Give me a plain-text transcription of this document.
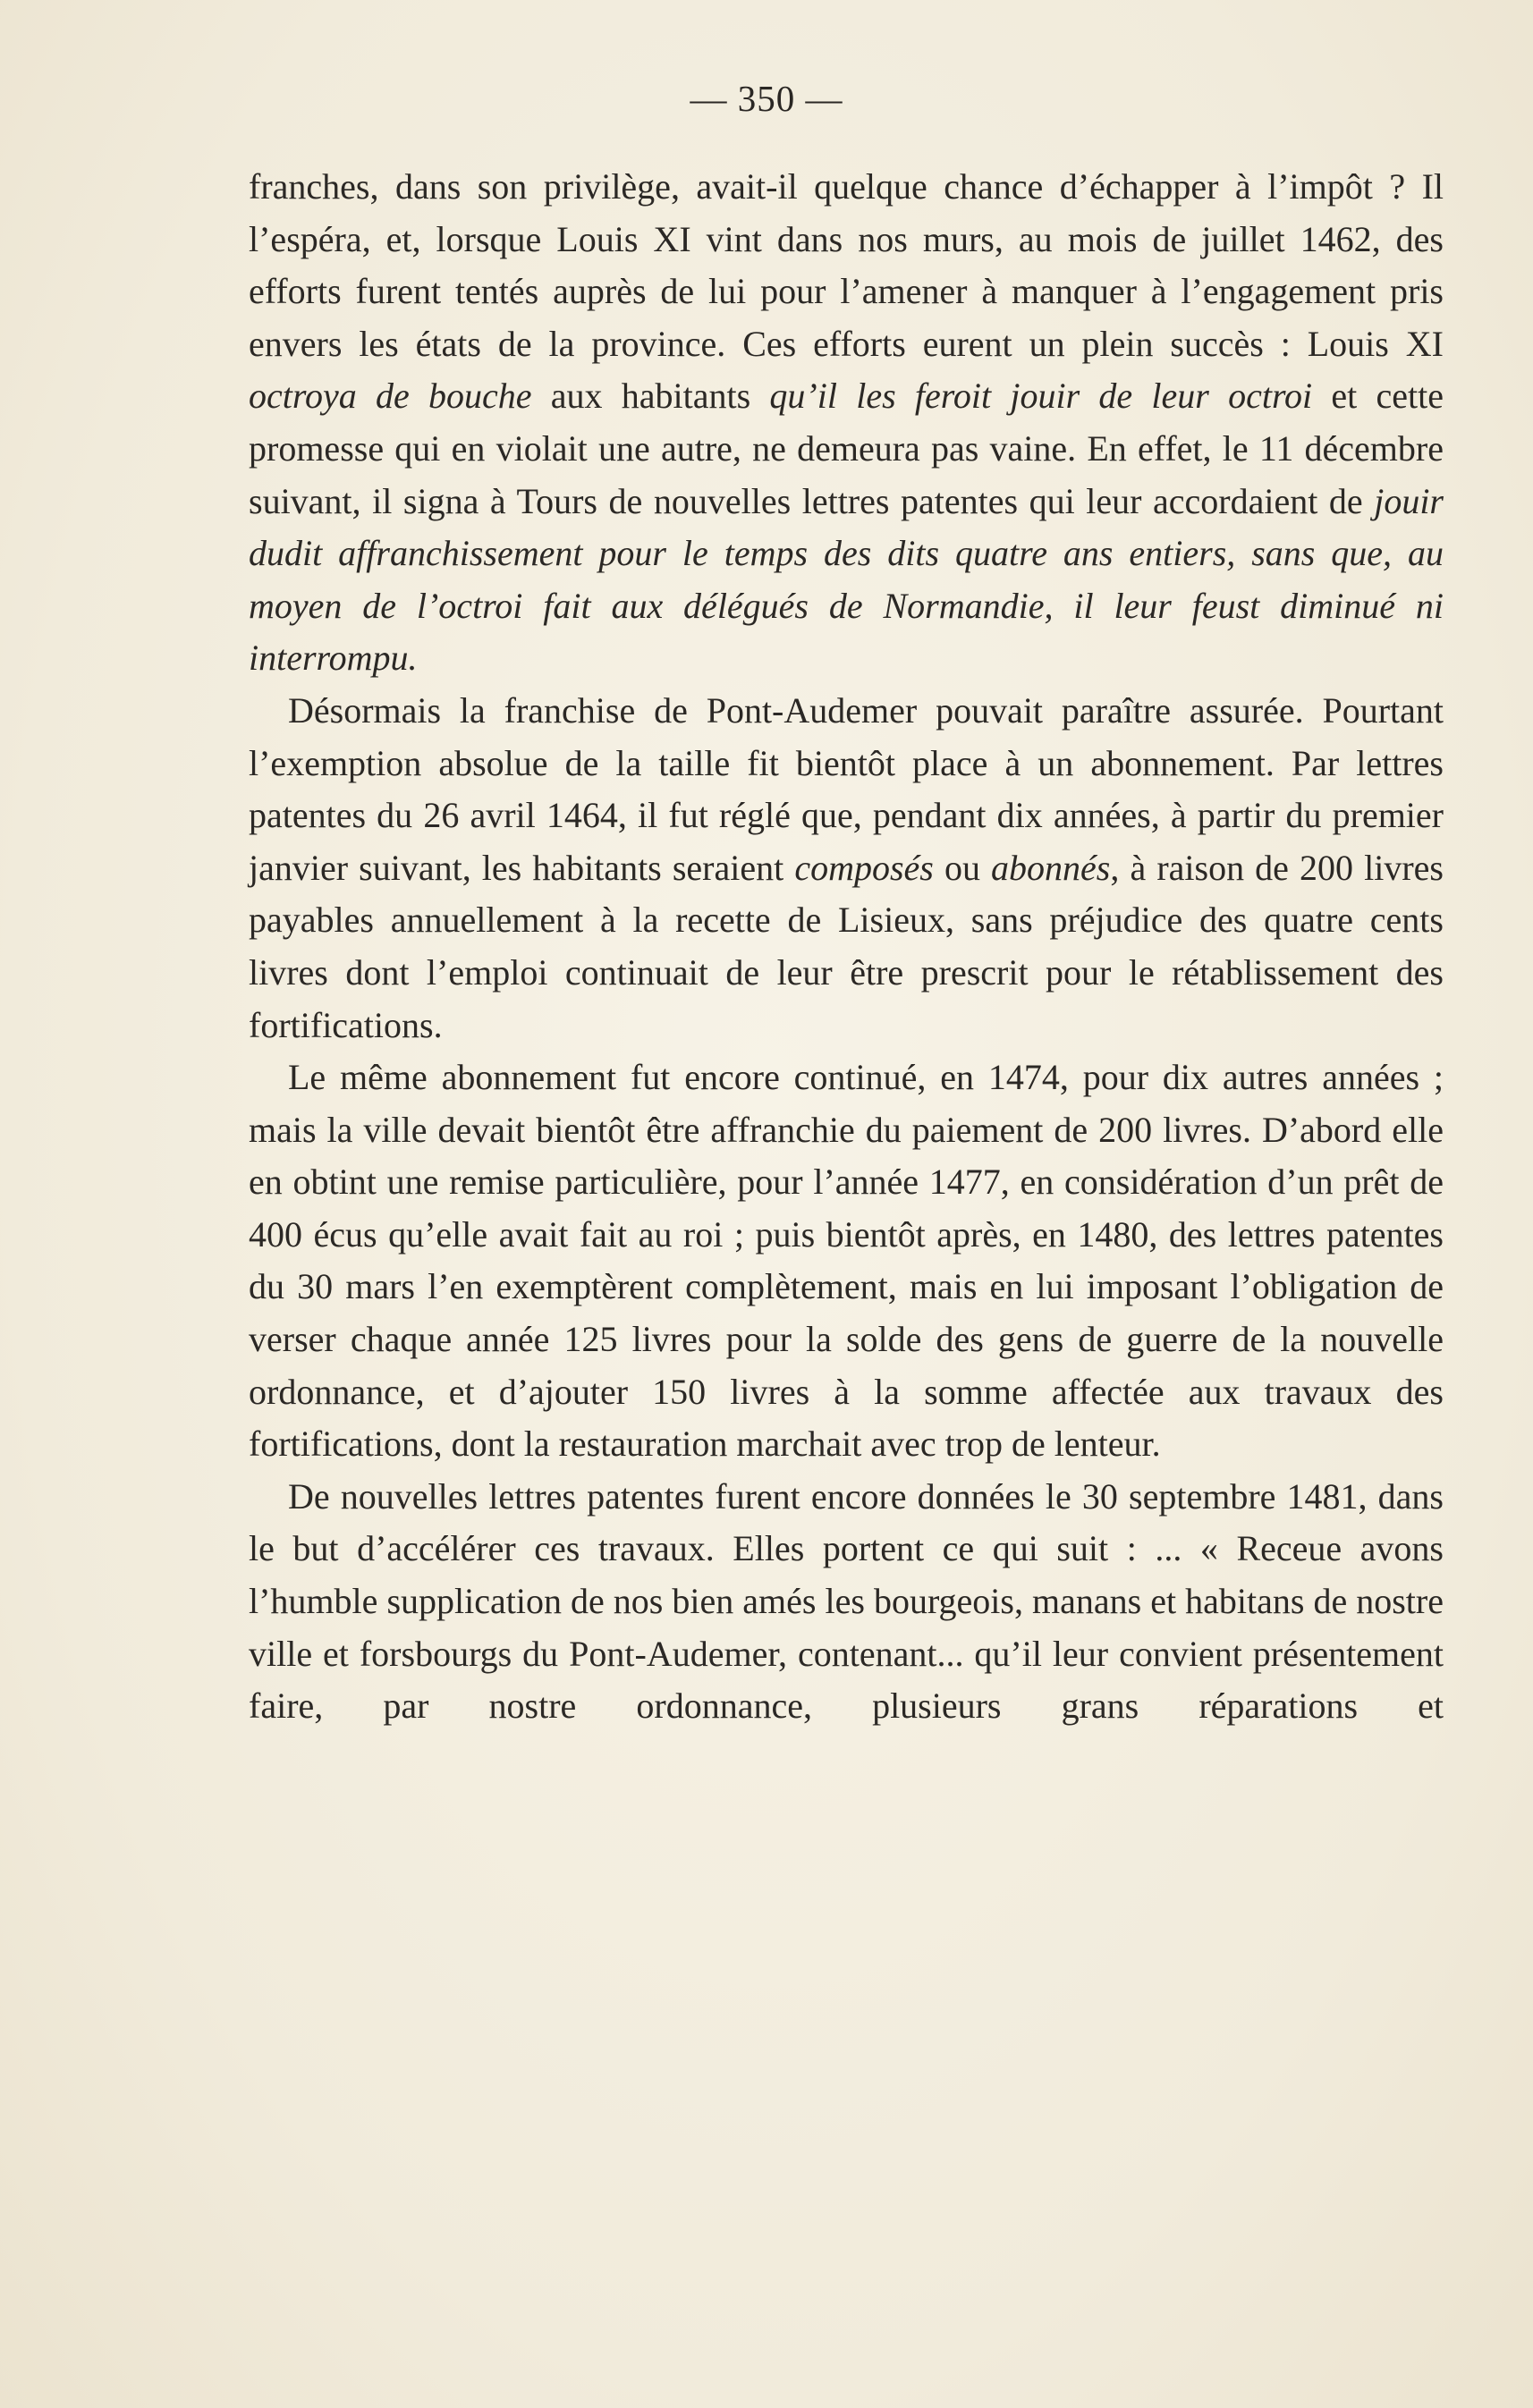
— 350 —

franches, dans son privilège, avait-il quelque chance d’échapper à l’impôt ? Il l’espéra, et, lorsque Louis XI vint dans nos murs, au mois de juillet 1462, des efforts furent tentés auprès de lui pour l’amener à manquer à l’engagement pris envers les états de la province. Ces efforts eurent un plein succès : Louis XI octroya de bouche aux habitants qu’il les feroit jouir de leur octroi et cette promesse qui en violait une autre, ne demeura pas vaine. En effet, le 11 décembre suivant, il signa à Tours de nouvelles lettres patentes qui leur accordaient de jouir dudit affranchissement pour le temps des dits quatre ans entiers, sans que, au moyen de l’octroi fait aux délégués de Normandie, il leur feust diminué ni interrompu.

Désormais la franchise de Pont-Audemer pouvait paraître assurée. Pourtant l’exemption absolue de la taille fit bientôt place à un abonnement. Par lettres patentes du 26 avril 1464, il fut réglé que, pendant dix années, à partir du premier janvier suivant, les habitants seraient composés ou abonnés, à raison de 200 livres payables annuellement à la recette de Lisieux, sans préjudice des quatre cents livres dont l’emploi continuait de leur être prescrit pour le rétablissement des fortifications.

Le même abonnement fut encore continué, en 1474, pour dix autres années ; mais la ville devait bientôt être affranchie du paiement de 200 livres. D’abord elle en obtint une remise particulière, pour l’année 1477, en considération d’un prêt de 400 écus qu’elle avait fait au roi ; puis bientôt après, en 1480, des lettres patentes du 30 mars l’en exemptèrent complètement, mais en lui imposant l’obligation de verser chaque année 125 livres pour la solde des gens de guerre de la nouvelle ordonnance, et d’ajouter 150 livres à la somme affectée aux travaux des fortifications, dont la restauration marchait avec trop de lenteur.

De nouvelles lettres patentes furent encore données le 30 septembre 1481, dans le but d’accélérer ces travaux. Elles portent ce qui suit : ... « Receue avons l’humble supplication de nos bien amés les bourgeois, manans et habitans de nostre ville et forsbourgs du Pont-Audemer, contenant... qu’il leur convient présentement faire, par nostre ordonnance, plusieurs grans réparations et
